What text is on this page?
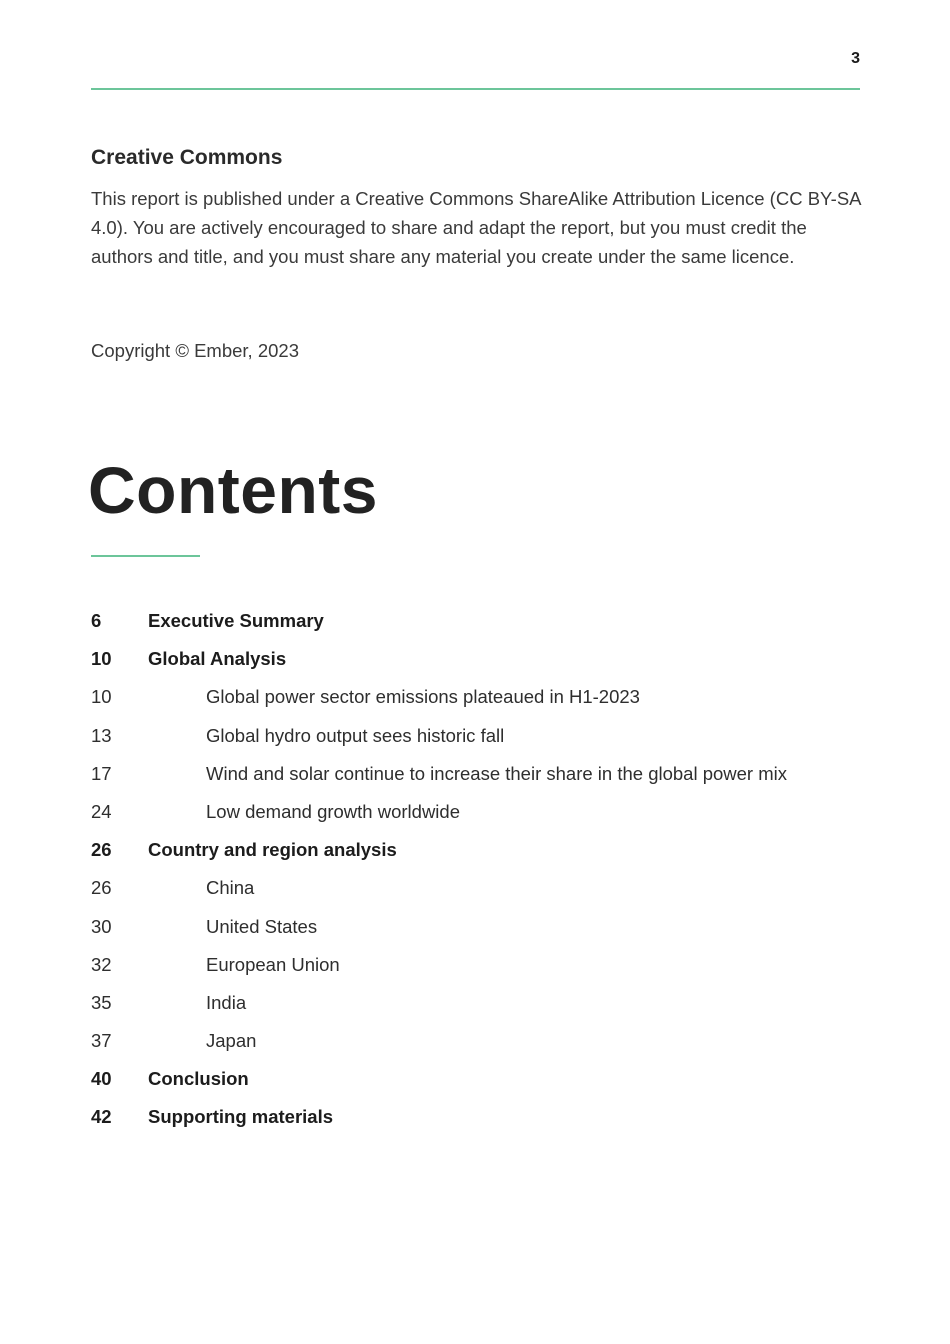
3
Creative Commons

This report is published under a Creative Commons ShareAlike Attribution Licence (CC BY-SA 4.0). You are actively encouraged to share and adapt the report, but you must credit the authors and title, and you must share any material you create under the same licence.

Copyright © Ember, 2023

Contents
6	Executive Summary
10	Global Analysis
10	Global power sector emissions plateaued in H1-2023
13	Global hydro output sees historic fall
17	Wind and solar continue to increase their share in the global power mix
24	Low demand growth worldwide
26	Country and region analysis
26	China
30	United States
32	European Union
35	India
37	Japan
40	Conclusion
42	Supporting materials
